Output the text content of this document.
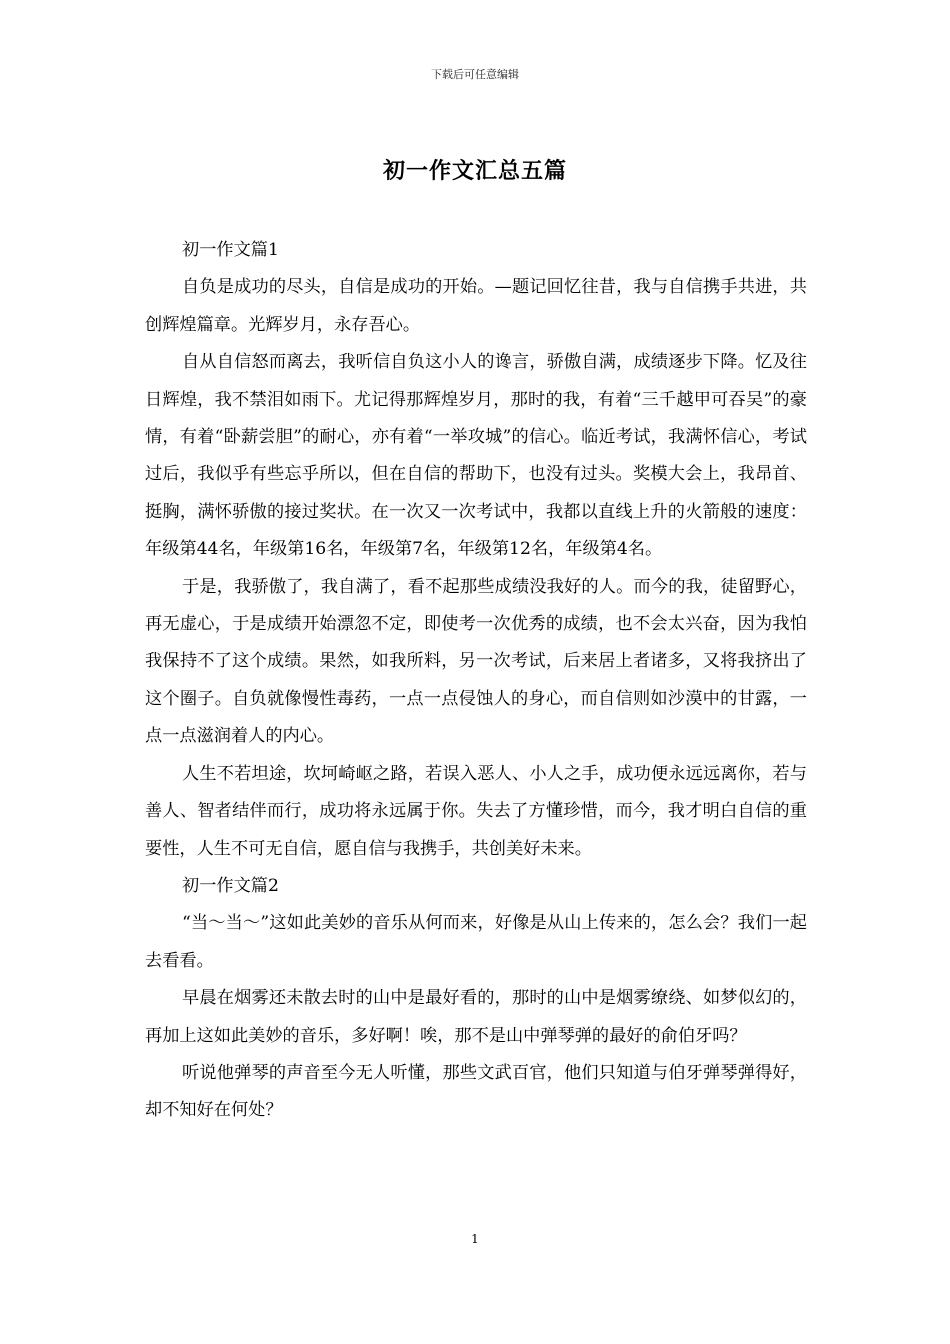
下载后可任意编辑
初一作文汇总五篇

初一作文篇1

自负是成功的尽头，自信是成功的开始。—题记回忆往昔，我与自信携手共进，共创辉煌篇章。光辉岁月，永存吾心。

自从自信怒而离去，我听信自负这小人的谗言，骄傲自满，成绩逐步下降。忆及往日辉煌，我不禁泪如雨下。尤记得那辉煌岁月，那时的我，有着“三千越甲可吞吴”的豪情，有着“卧薪尝胆”的耐心，亦有着“一举攻城”的信心。临近考试，我满怀信心，考试过后，我似乎有些忘乎所以，但在自信的帮助下，也没有过头。奖模大会上，我昂首、挺胸，满怀骄傲的接过奖状。在一次又一次考试中，我都以直线上升的火箭般的速度：年级第44名，年级第16名，年级第7名，年级第12名，年级第4名。

于是，我骄傲了，我自满了，看不起那些成绩没我好的人。而今的我，徒留野心，再无虚心，于是成绩开始漂忽不定，即使考一次优秀的成绩，也不会太兴奋，因为我怕我保持不了这个成绩。果然，如我所料，另一次考试，后来居上者诸多，又将我挤出了这个圈子。自负就像慢性毒药，一点一点侵蚀人的身心，而自信则如沙漠中的甘露，一点一点滋润着人的内心。

人生不若坦途，坎坷崎岖之路，若误入恶人、小人之手，成功便永远远离你，若与善人、智者结伴而行，成功将永远属于你。失去了方懂珍惜，而今，我才明白自信的重要性，人生不可无自信，愿自信与我携手，共创美好未来。

初一作文篇2

“当～当～”这如此美妙的音乐从何而来，好像是从山上传来的，怎么会？我们一起去看看。

早晨在烟雾还未散去时的山中是最好看的，那时的山中是烟雾缭绕、如梦似幻的，再加上这如此美妙的音乐，多好啊！唉，那不是山中弹琴弹的最好的俞伯牙吗？

听说他弹琴的声音至今无人听懂，那些文武百官，他们只知道与伯牙弹琴弹得好，却不知好在何处？

1
